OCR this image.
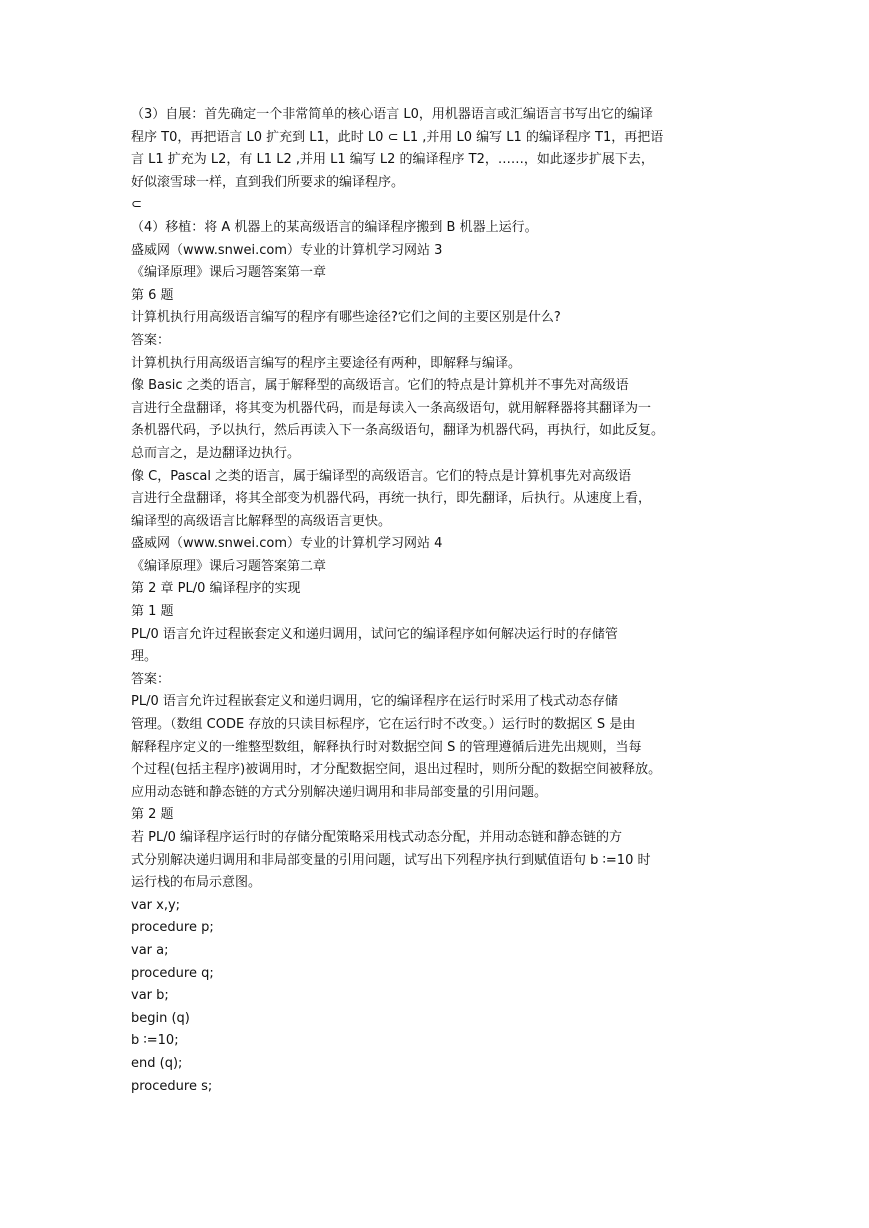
（3）自展：首先确定一个非常简单的核心语言 L0，用机器语言或汇编语言书写出它的编译
程序 T0，再把语言 L0 扩充到 L1，此时 L0 ⊂ L1 ,并用 L0 编写 L1 的编译程序 T1，再把语
言 L1 扩充为 L2，有 L1 L2 ,并用 L1 编写 L2 的编译程序 T2，……，如此逐步扩展下去，
好似滚雪球一样，直到我们所要求的编译程序。
⊂
（4）移植：将 A 机器上的某高级语言的编译程序搬到 B 机器上运行。
盛威网（www.snwei.com）专业的计算机学习网站 3
《编译原理》课后习题答案第一章
第 6 题
计算机执行用高级语言编写的程序有哪些途径?它们之间的主要区别是什么?
答案：
计算机执行用高级语言编写的程序主要途径有两种，即解释与编译。
像 Basic 之类的语言，属于解释型的高级语言。它们的特点是计算机并不事先对高级语
言进行全盘翻译，将其变为机器代码，而是每读入一条高级语句，就用解释器将其翻译为一
条机器代码，予以执行，然后再读入下一条高级语句，翻译为机器代码，再执行，如此反复。
总而言之，是边翻译边执行。
像 C，Pascal 之类的语言，属于编译型的高级语言。它们的特点是计算机事先对高级语
言进行全盘翻译，将其全部变为机器代码，再统一执行，即先翻译，后执行。从速度上看，
编译型的高级语言比解释型的高级语言更快。
盛威网（www.snwei.com）专业的计算机学习网站 4
《编译原理》课后习题答案第二章
第 2 章 PL/0 编译程序的实现
第 1 题
PL/0 语言允许过程嵌套定义和递归调用，试问它的编译程序如何解决运行时的存储管
理。
答案：
PL/0 语言允许过程嵌套定义和递归调用，它的编译程序在运行时采用了栈式动态存储
管理。（数组 CODE 存放的只读目标程序，它在运行时不改变。）运行时的数据区 S 是由
解释程序定义的一维整型数组，解释执行时对数据空间 S 的管理遵循后进先出规则，当每
个过程(包括主程序)被调用时，才分配数据空间，退出过程时，则所分配的数据空间被释放。
应用动态链和静态链的方式分别解决递归调用和非局部变量的引用问题。
第 2 题
若 PL/0 编译程序运行时的存储分配策略采用栈式动态分配，并用动态链和静态链的方
式分别解决递归调用和非局部变量的引用问题，试写出下列程序执行到赋值语句 b ∶=10 时
运行栈的布局示意图。
var x,y;
procedure p;
var a;
procedure q;
var b;
begin (q)
b ∶=10;
end (q);
procedure s;
